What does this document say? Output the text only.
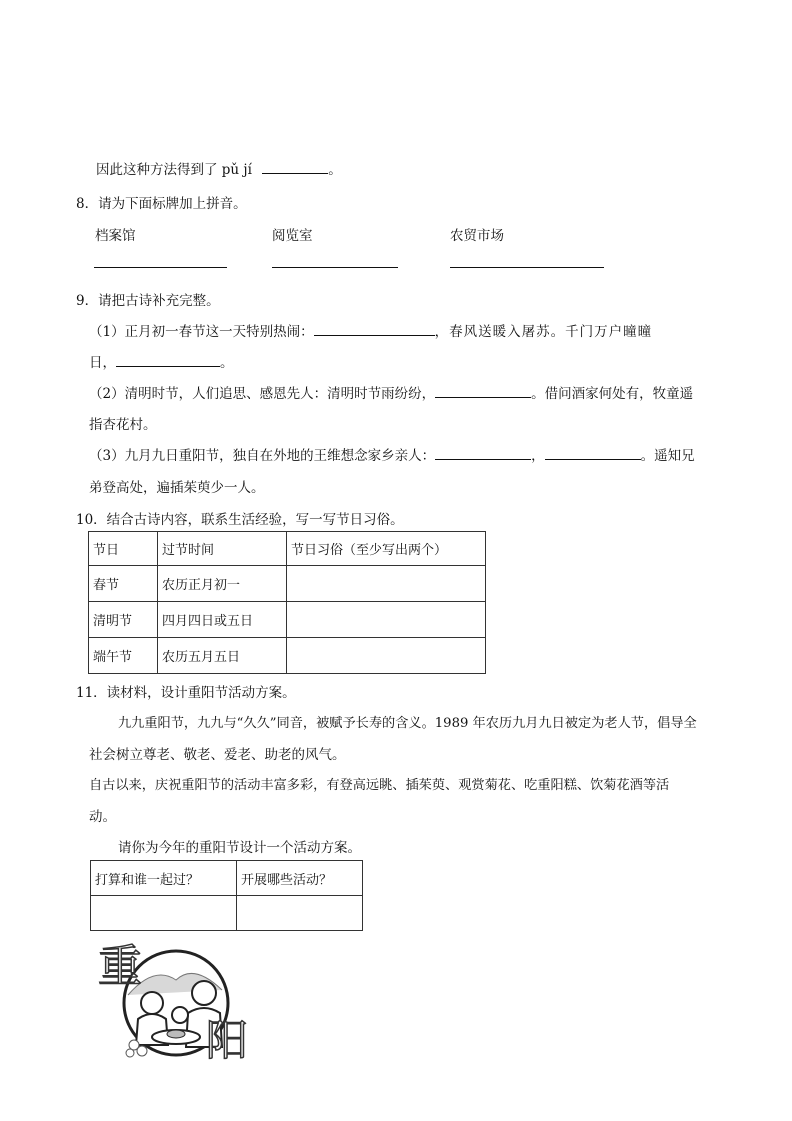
因此这种方法得到了 pǔ jí	。
8．请为下面标牌加上拼音。
档案馆	阅览室	农贸市场
9．请把古诗补充完整。
（1）正月初一春节这一天特别热闹：	，春风送暖入屠苏。千门万户曈曈
日，	。
（2）清明时节，人们追思、感恩先人：清明时节雨纷纷，	。借问酒家何处有，牧童遥
指杏花村。
（3）九月九日重阳节，独自在外地的王维想念家乡亲人：	，	。遥知兄
弟登高处，遍插茱萸少一人。
10．结合古诗内容，联系生活经验，写一写节日习俗。
节日	过节时间	节日习俗（至少写出两个）
春节	农历正月初一	
清明节	四月四日或五日	
端午节	农历五月五日	
11．读材料，设计重阳节活动方案。
九九重阳节，九九与“久久”同音，被赋予长寿的含义。1989 年农历九月九日被定为老人节，倡导全
社会树立尊老、敬老、爱老、助老的风气。
自古以来，庆祝重阳节的活动丰富多彩，有登高远眺、插茱萸、观赏菊花、吃重阳糕、饮菊花酒等活
动。
请你为今年的重阳节设计一个活动方案。
打算和谁一起过？	开展哪些活动？

重
阳
